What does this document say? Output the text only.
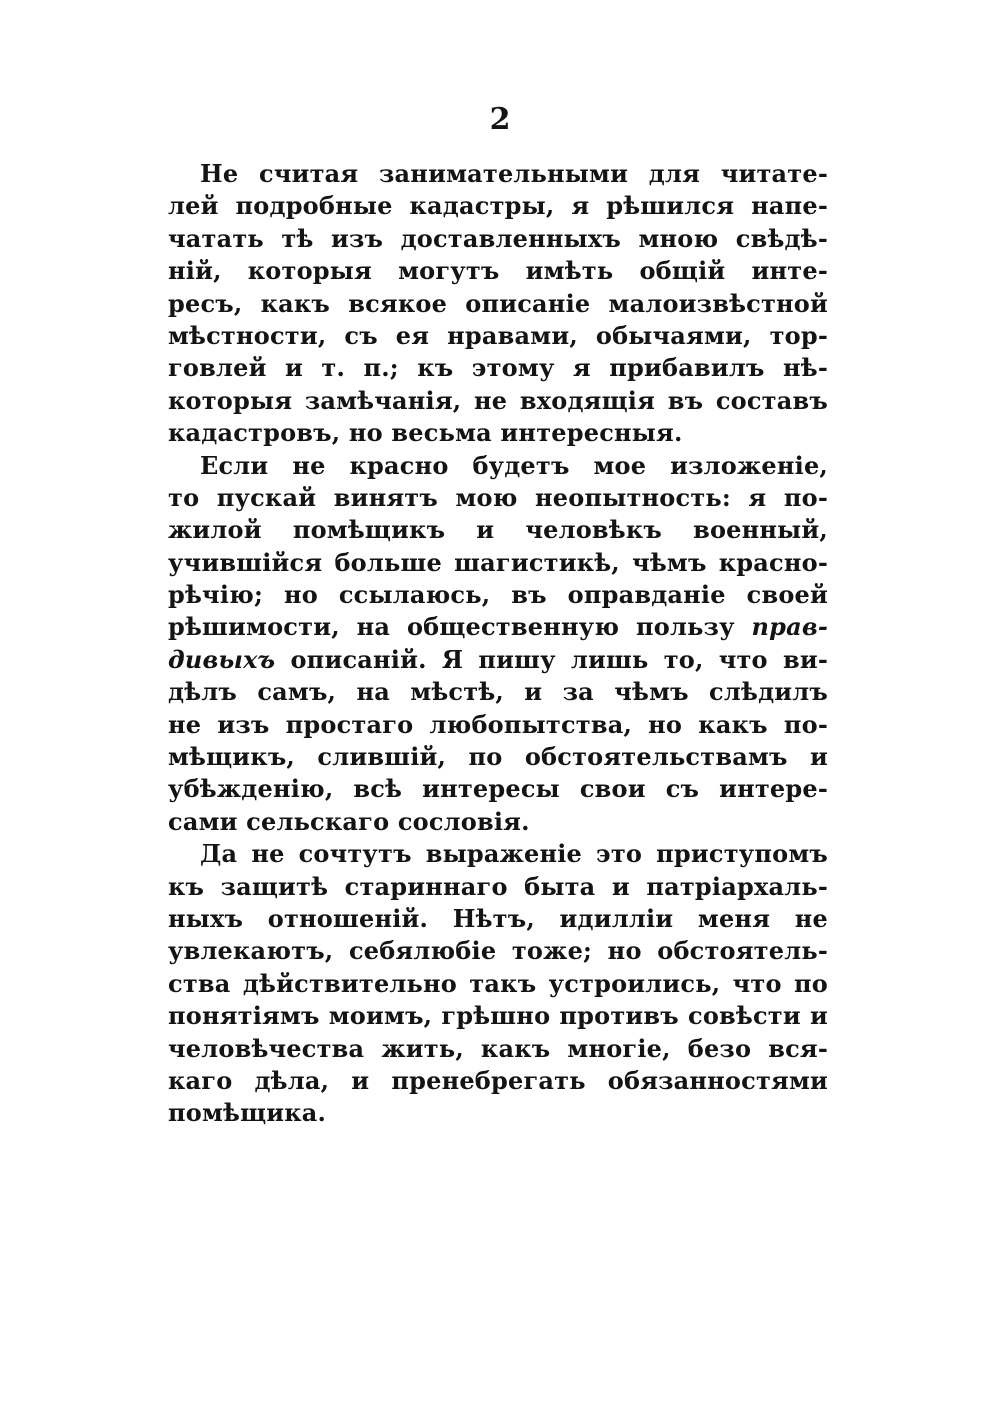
2
Не считая занимательными для читате-
лей подробные кадастры, я рѣшился напе-
чатать тѣ изъ доставленныхъ мною свѣдѣ-
нiй, которыя могутъ имѣть общiй инте-
ресъ, какъ всякое описанiе малоизвѣстной
мѣстности, съ ея нравами, обычаями, тор-
говлей и т. п.; къ этому я прибавилъ нѣ-
которыя замѣчанiя, не входящiя въ составъ
кадастровъ, но весьма интересныя.
Если не красно будетъ мое изложенiе,
то пускай винятъ мою неопытность: я по-
жилой помѣщикъ и человѣкъ военный,
учившiйся больше шагистикѣ, чѣмъ красно-
рѣчiю; но ссылаюсь, въ оправданiе своей
рѣшимости, на общественную пользу прав-
дивыхъ описанiй. Я пишу лишь то, что ви-
дѣлъ самъ, на мѣстѣ, и за чѣмъ слѣдилъ
не изъ простаго любопытства, но какъ по-
мѣщикъ, слившiй, по обстоятельствамъ и
убѣжденiю, всѣ интересы свои съ интере-
сами сельскаго сословiя.
Да не сочтутъ выраженiе это приступомъ
къ защитѣ стариннаго быта и патрiархаль-
ныхъ отношенiй. Нѣтъ, идиллiи меня не
увлекаютъ, себялюбiе тоже; но обстоятель-
ства дѣйствительно такъ устроились, что по
понятiямъ моимъ, грѣшно противъ совѣсти и
человѣчества жить, какъ многiе, безо вся-
каго дѣла, и пренебрегать обязанностями
помѣщика.
